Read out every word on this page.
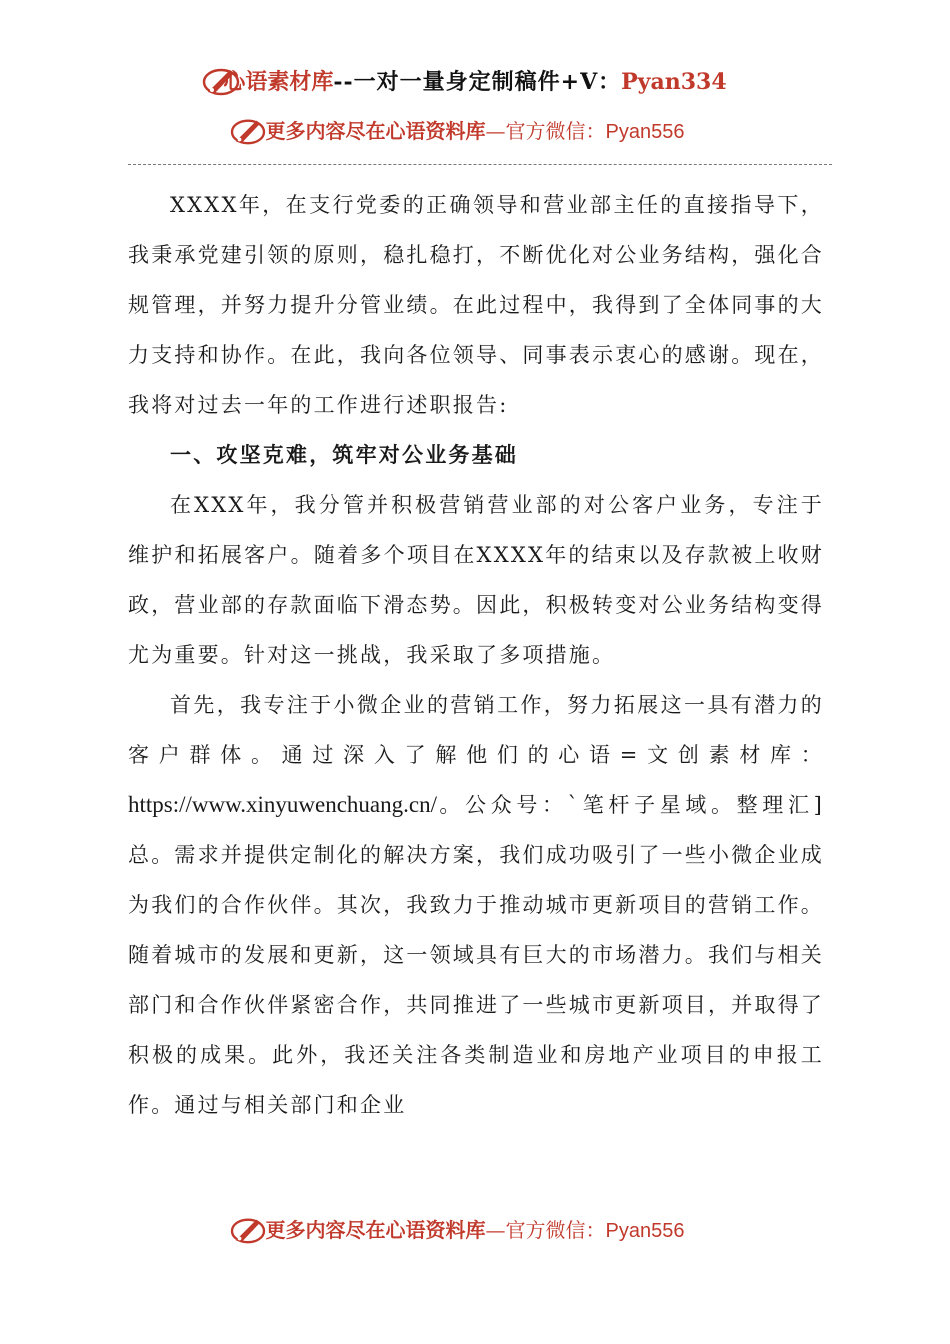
心语素材库--一对一量身定制稿件+V：Pyan334
更多内容尽在心语资料库—官方微信：Pyan556

XXXX年，在支行党委的正确领导和营业部主任的直接指导下，我秉承党建引领的原则，稳扎稳打，不断优化对公业务结构，强化合规管理，并努力提升分管业绩。在此过程中，我得到了全体同事的大力支持和协作。在此，我向各位领导、同事表示衷心的感谢。现在，我将对过去一年的工作进行述职报告:

一、攻坚克难，筑牢对公业务基础

在XXX年，我分管并积极营销营业部的对公客户业务，专注于维护和拓展客户。随着多个项目在XXXX年的结束以及存款被上收财政，营业部的存款面临下滑态势。因此，积极转变对公业务结构变得尤为重要。针对这一挑战，我采取了多项措施。

首先，我专注于小微企业的营销工作，努力拓展这一具有潜力的客户群体。通过深入了解他们的心语=文创素材库：https://www.xinyuwenchuang.cn/。公众号：`笔杆子星域。整理汇]总。需求并提供定制化的解决方案，我们成功吸引了一些小微企业成为我们的合作伙伴。其次，我致力于推动城市更新项目的营销工作。随着城市的发展和更新，这一领域具有巨大的市场潜力。我们与相关部门和合作伙伴紧密合作，共同推进了一些城市更新项目，并取得了积极的成果。此外，我还关注各类制造业和房地产业项目的申报工作。通过与相关部门和企业

更多内容尽在心语资料库—官方微信：Pyan556
